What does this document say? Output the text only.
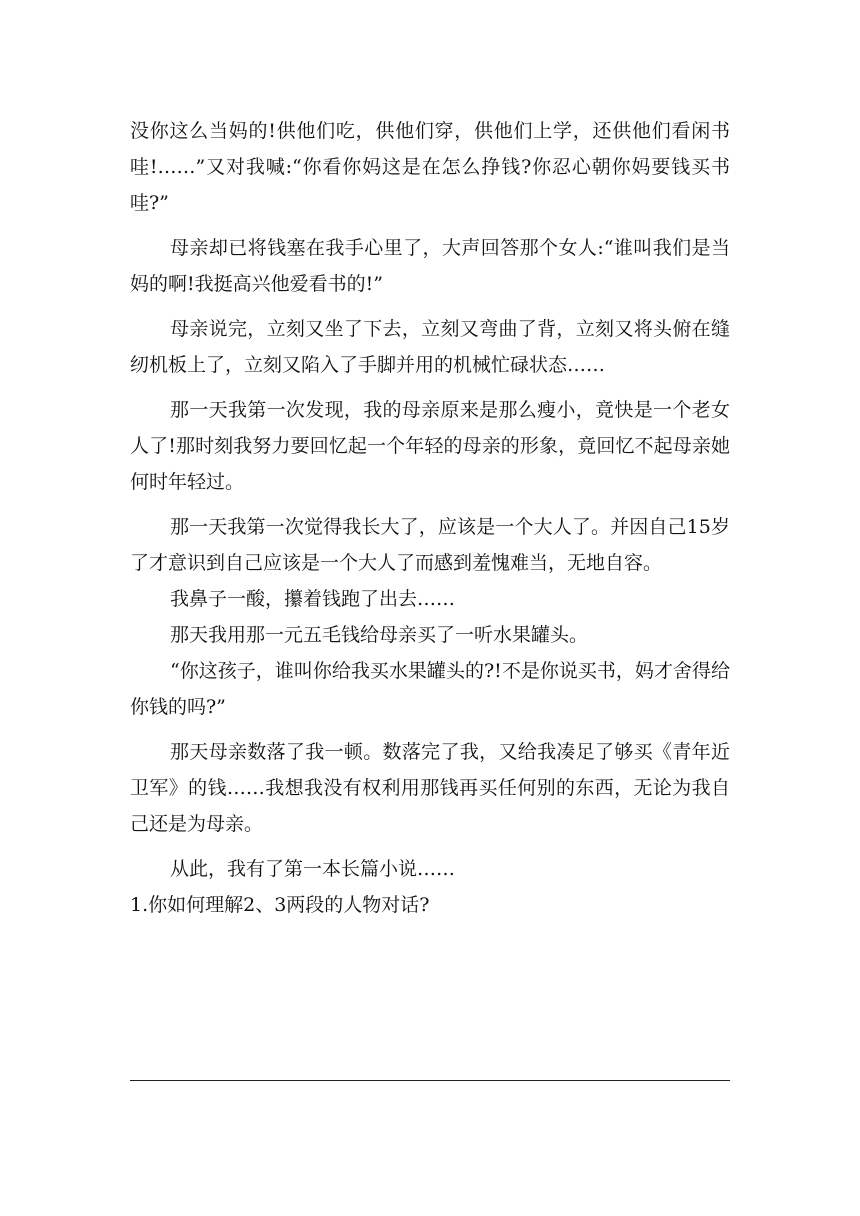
没你这么当妈的!供他们吃，供他们穿，供他们上学，还供他们看闲书哇!……”又对我喊:“你看你妈这是在怎么挣钱?你忍心朝你妈要钱买书哇?”

母亲却已将钱塞在我手心里了，大声回答那个女人:“谁叫我们是当妈的啊!我挺高兴他爱看书的!”

母亲说完，立刻又坐了下去，立刻又弯曲了背，立刻又将头俯在缝纫机板上了，立刻又陷入了手脚并用的机械忙碌状态……

那一天我第一次发现，我的母亲原来是那么瘦小，竟快是一个老女人了!那时刻我努力要回忆起一个年轻的母亲的形象，竟回忆不起母亲她何时年轻过。

那一天我第一次觉得我长大了，应该是一个大人了。并因自己15岁了才意识到自己应该是一个大人了而感到羞愧难当，无地自容。

我鼻子一酸，攥着钱跑了出去……

那天我用那一元五毛钱给母亲买了一听水果罐头。

“你这孩子，谁叫你给我买水果罐头的?!不是你说买书，妈才舍得给你钱的吗?”

那天母亲数落了我一顿。数落完了我，又给我凑足了够买《青年近卫军》的钱……我想我没有权利用那钱再买任何别的东西，无论为我自己还是为母亲。

从此，我有了第一本长篇小说……

1.你如何理解2、3两段的人物对话?
